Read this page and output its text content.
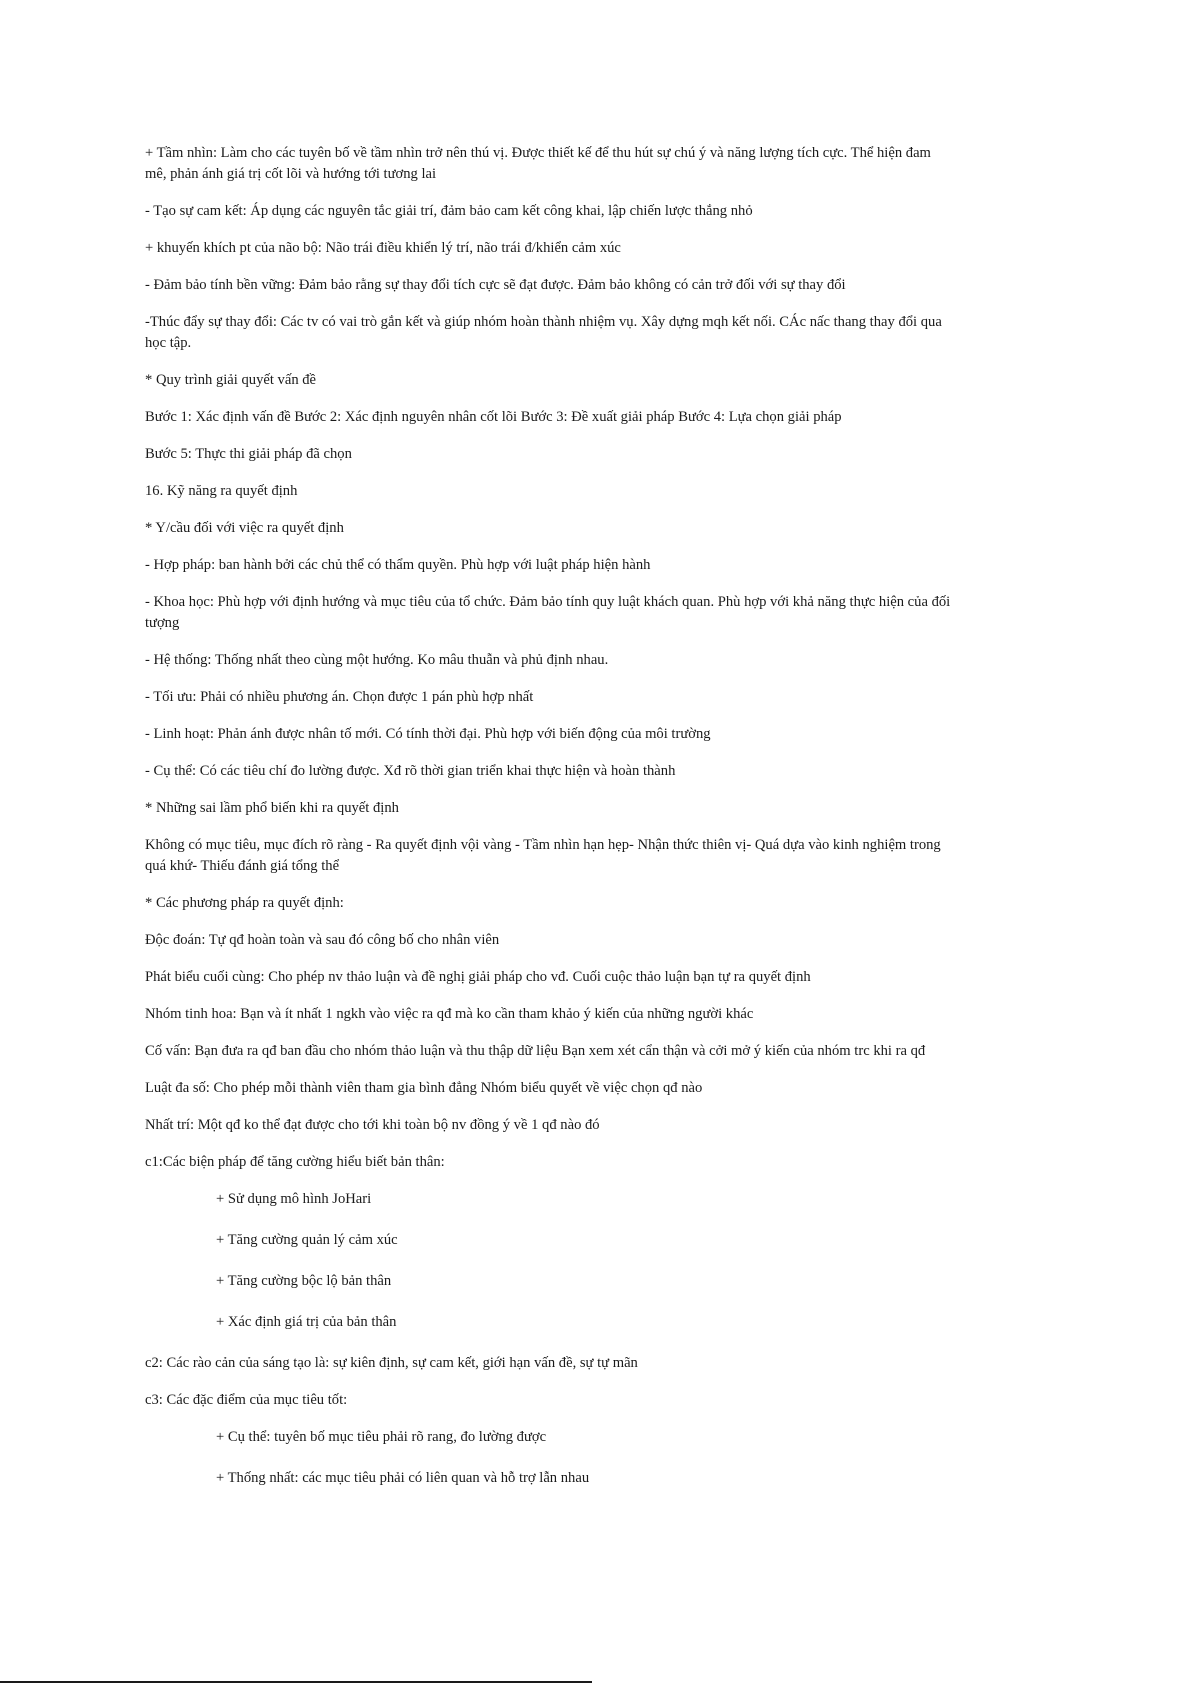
+ Tầm nhìn: Làm cho các tuyên bố về tầm nhìn trở nên thú vị. Được thiết kế để thu hút sự chú ý và năng lượng tích cực. Thể hiện đam mê, phản ánh giá trị cốt lõi và hướng tới tương lai

- Tạo sự cam kết: Áp dụng các nguyên tắc giải trí, đảm bảo cam kết công khai, lập chiến lược thắng nhỏ

+ khuyến khích pt của não bộ: Não trái điều khiển lý trí, não trái đ/khiển cảm xúc

- Đảm bảo tính bền vững: Đảm bảo rằng sự thay đổi tích cực sẽ đạt được. Đảm bảo không có cản trở đối với sự thay đổi

-Thúc đẩy sự thay đổi: Các tv có vai trò gắn kết và giúp nhóm hoàn thành nhiệm vụ. Xây dựng mqh kết nối. CÁc nấc thang thay đổi qua học tập.

* Quy trình giải quyết vấn đề

Bước 1: Xác định vấn đề Bước 2: Xác định nguyên nhân cốt lõi Bước 3: Đề xuất giải pháp Bước 4: Lựa chọn giải pháp

Bước 5: Thực thi giải pháp đã chọn

16. Kỹ năng ra quyết định

* Y/cầu đối với việc ra quyết định

- Hợp pháp: ban hành bởi các chủ thể có thẩm quyền. Phù hợp với luật pháp hiện hành

- Khoa học: Phù hợp với định hướng và mục tiêu của tổ chức. Đảm bảo tính quy luật khách quan. Phù hợp với khả năng thực hiện của đối tượng

- Hệ thống: Thống nhất theo cùng một hướng. Ko mâu thuẫn và phủ định nhau.

- Tối ưu: Phải có nhiều phương án. Chọn được 1 pán phù hợp nhất

- Linh hoạt: Phản ánh được nhân tố mới. Có tính thời đại. Phù hợp với biến động của môi trường

- Cụ thể: Có các tiêu chí đo lường được. Xđ rõ thời gian triển khai thực hiện và hoàn thành

* Những sai lầm phổ biến khi ra quyết định

Không có mục tiêu, mục đích rõ ràng - Ra quyết định vội vàng - Tầm nhìn hạn hẹp- Nhận thức thiên vị- Quá dựa vào kinh nghiệm trong quá khứ- Thiếu đánh giá tổng thể

* Các phương pháp ra quyết định:

Độc đoán: Tự qđ hoàn toàn và sau đó công bố cho nhân viên

Phát biểu cuối cùng: Cho phép nv thảo luận và đề nghị giải pháp cho vđ. Cuối cuộc thảo luận bạn tự ra quyết định

Nhóm tinh hoa: Bạn và ít nhất 1 ngkh vào việc ra qđ mà ko cần tham khảo ý kiến của những người khác

Cố vấn: Bạn đưa ra qđ ban đầu cho nhóm thảo luận và thu thập dữ liệu Bạn xem xét cẩn thận và cởi mở ý kiến của nhóm trc khi ra qđ

Luật đa số: Cho phép mỗi thành viên tham gia bình đẳng Nhóm biểu quyết về việc chọn qđ nào

Nhất trí: Một qđ ko thể đạt được cho tới khi toàn bộ nv đồng ý về 1 qđ nào đó

c1:Các biện pháp để tăng cường hiểu biết bản thân:

+ Sử dụng mô hình JoHari

+ Tăng cường quản lý cảm xúc

+ Tăng cường bộc lộ bản thân

+ Xác định giá trị của bản thân

c2: Các rào cản của sáng tạo là: sự kiên định, sự cam kết, giới hạn vấn đề, sự tự mãn

c3: Các đặc điểm của mục tiêu tốt:

+ Cụ thể: tuyên bố mục tiêu phải rõ rang, đo lường được

+ Thống nhất: các mục tiêu phải có liên quan và hỗ trợ lẫn nhau
